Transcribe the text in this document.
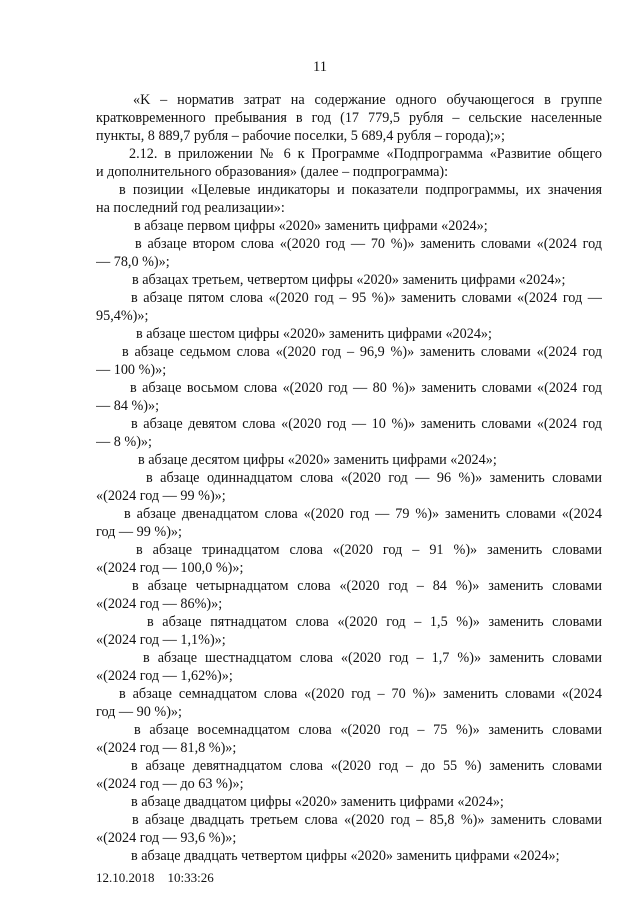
11
«K – норматив затрат на содержание одного обучающегося в группе
кратковременного пребывания в год (17 779,5 рубля – сельские населенные
пункты, 8 889,7 рубля – рабочие поселки, 5 689,4 рубля – города);»;
2.12. в приложении № 6 к Программе «Подпрограмма «Развитие общего
и дополнительного образования» (далее – подпрограмма):
в позиции «Целевые индикаторы и показатели подпрограммы, их значения
на последний год реализации»:
в абзаце первом цифры «2020» заменить цифрами «2024»;
в абзаце втором слова «(2020 год — 70 %)» заменить словами «(2024 год
— 78,0 %)»;
в абзацах третьем, четвертом цифры «2020» заменить цифрами «2024»;
в абзаце пятом слова «(2020 год – 95 %)» заменить словами «(2024 год —
95,4%)»;
в абзаце шестом цифры «2020» заменить цифрами «2024»;
в абзаце седьмом слова «(2020 год – 96,9 %)» заменить словами «(2024 год
— 100 %)»;
в абзаце восьмом слова «(2020 год — 80 %)» заменить словами «(2024 год
— 84 %)»;
в абзаце девятом слова «(2020 год — 10 %)» заменить словами «(2024 год
— 8 %)»;
в абзаце десятом цифры «2020» заменить цифрами «2024»;
в абзаце одиннадцатом слова «(2020 год — 96 %)» заменить словами
«(2024 год — 99 %)»;
в абзаце двенадцатом слова «(2020 год — 79 %)» заменить словами «(2024
год — 99 %)»;
в абзаце тринадцатом слова «(2020 год – 91 %)» заменить словами
«(2024 год — 100,0 %)»;
в абзаце четырнадцатом слова «(2020 год – 84 %)» заменить словами
«(2024 год — 86%)»;
в абзаце пятнадцатом слова «(2020 год – 1,5 %)» заменить словами
«(2024 год — 1,1%)»;
в абзаце шестнадцатом слова «(2020 год – 1,7 %)» заменить словами
«(2024 год — 1,62%)»;
в абзаце семнадцатом слова «(2020 год – 70 %)» заменить словами «(2024
год — 90 %)»;
в абзаце восемнадцатом слова «(2020 год – 75 %)» заменить словами
«(2024 год — 81,8 %)»;
в абзаце девятнадцатом слова «(2020 год – до 55 %) заменить словами
«(2024 год — до 63 %)»;
в абзаце двадцатом цифры «2020» заменить цифрами «2024»;
в абзаце двадцать третьем слова «(2020 год – 85,8 %)» заменить словами
«(2024 год — 93,6 %)»;
в абзаце двадцать четвертом цифры «2020» заменить цифрами «2024»;
12.10.2018 10:33:26
